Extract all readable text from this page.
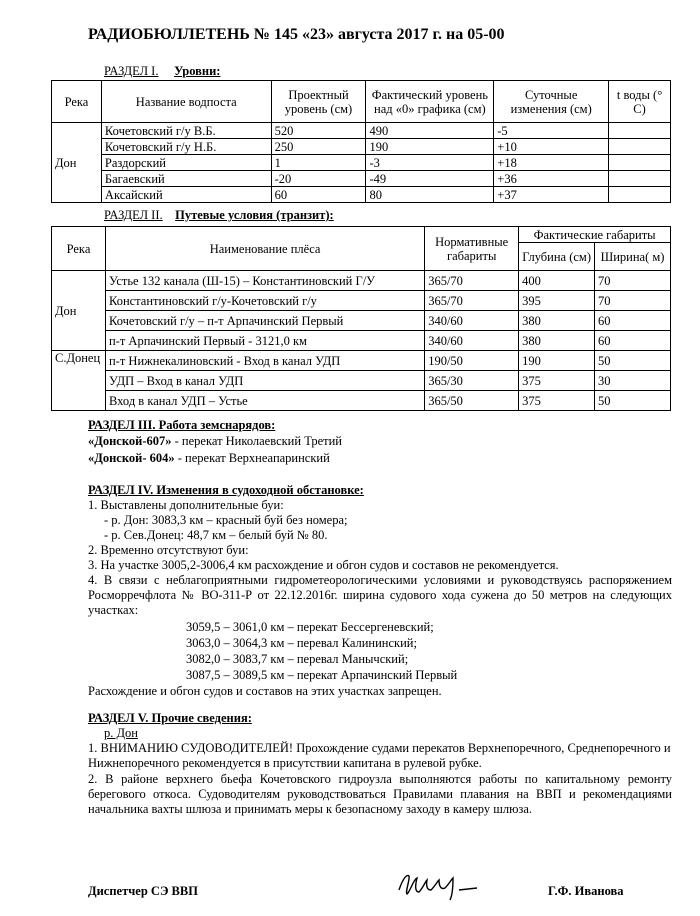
РАДИОБЮЛЛЕТЕНЬ № 145 «23» августа 2017 г. на 05-00
РАЗДЕЛ I. Уровни:
Река	Название водпоста	Проектный уровень (см)	Фактический уровень над «0» графика (см)	Суточные изменения (см)	t воды (° С)
Дон	Кочетовский г/у В.Б.	520	490	-5	
	Кочетовский г/у Н.Б.	250	190	+10	
	Раздорский	1	-3	+18	
	Багаевский	-20	-49	+36	
	Аксайский	60	80	+37	
РАЗДЕЛ II. Путевые условия (транзит):
Река	Наименование плёса	Нормативные габариты	Фактические габариты	
			Глубина (см)	Ширина( м)
Дон	Устье 132 канала (Ш-15) – Константиновский Г/У	365/70	400	70
	Константиновский г/у-Кочетовский г/у	365/70	395	70
	Кочетовский г/у – п-т Арпачинский Первый	340/60	380	60
	п-т Арпачинский Первый - 3121,0 км	340/60	380	60
С.Донец	п-т Нижнекалиновский - Вход в канал УДП	190/50	190	50
	УДП – Вход в канал УДП	365/30	375	30
	Вход в канал УДП – Устье	365/50	375	50
РАЗДЕЛ III. Работа земснарядов:
«Донской-607» - перекат Николаевский Третий
«Донской- 604» - перекат Верхнеапаринский
РАЗДЕЛ IV. Изменения в судоходной обстановке:
1. Выставлены дополнительные буи:
- р. Дон: 3083,3 км – красный буй без номера;
- р. Сев.Донец: 48,7 км – белый буй № 80.
2. Временно отсутствуют буи:
3. На участке 3005,2-3006,4 км расхождение и обгон судов и составов не рекомендуется.
4. В связи с неблагоприятными гидрометеорологическими условиями и руководствуясь распоряжением Росморречфлота № ВО-311-Р от 22.12.2016г. ширина судового хода сужена до 50 метров на следующих участках:
3059,5 – 3061,0 км – перекат Бессергеневский;
3063,0 – 3064,3 км – перевал Калининский;
3082,0 – 3083,7 км – перевал Манычский;
3087,5 – 3089,5 км – перекат Арпачинский Первый
Расхождение и обгон судов и составов на этих участках запрещен.
РАЗДЕЛ V. Прочие сведения:
р. Дон
1. ВНИМАНИЮ СУДОВОДИТЕЛЕЙ! Прохождение судами перекатов Верхнепоречного, Среднепоречного и Нижнепоречного рекомендуется в присутствии капитана в рулевой рубке.
2. В районе верхнего бьефа Кочетовского гидроузла выполняются работы по капитальному ремонту берегового откоса. Судоводителям руководствоваться Правилами плавания на ВВП и рекомендациями начальника вахты шлюза и принимать меры к безопасному заходу в камеру шлюза.
Диспетчер СЭ ВВП	Г.Ф. Иванова
